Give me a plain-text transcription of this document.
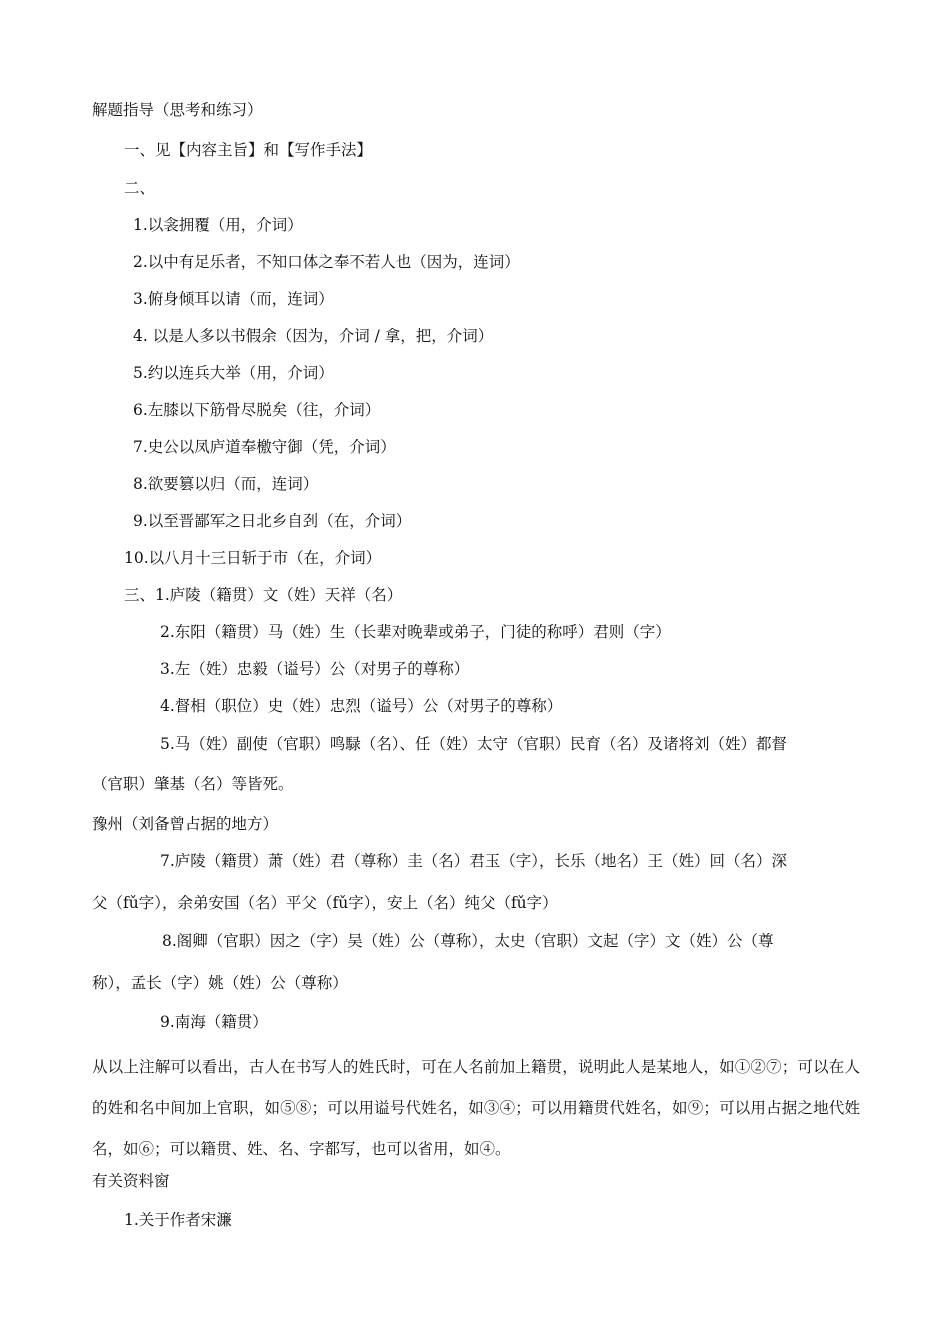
解题指导（思考和练习）
一、见【内容主旨】和【写作手法】
二、
1.以衾拥覆（用，介词）
2.以中有足乐者，不知口体之奉不若人也（因为，连词）
3.俯身倾耳以请（而，连词）
4. 以是人多以书假余（因为，介词 / 拿，把，介词）
5.约以连兵大举（用，介词）
6.左膝以下筋骨尽脱矣（往，介词）
7.史公以凤庐道奉檄守御（凭，介词）
8.欲要篡以归（而，连词）
9.以至晋鄙军之日北乡自刭（在，介词）
10.以八月十三日斩于市（在，介词）
三、1.庐陵（籍贯）文（姓）天祥（名）
2.东阳（籍贯）马（姓）生（长辈对晚辈或弟子，门徒的称呼）君则（字）
3.左（姓）忠毅（谥号）公（对男子的尊称）
4.督相（职位）史（姓）忠烈（谥号）公（对男子的尊称）
5.马（姓）副使（官职）鸣騄（名）、任（姓）太守（官职）民育（名）及诸将刘（姓）都督
（官职）肇基（名）等皆死。
豫州（刘备曾占据的地方）
7.庐陵（籍贯）萧（姓）君（尊称）圭（名）君玉（字），长乐（地名）王（姓）回（名）深
父（fǔ字），余弟安国（名）平父（fǔ字），安上（名）纯父（fǔ字）
8.阁卿（官职）因之（字）吴（姓）公（尊称），太史（官职）文起（字）文（姓）公（尊
称），孟长（字）姚（姓）公（尊称）
9.南海（籍贯）
从以上注解可以看出，古人在书写人的姓氏时，可在人名前加上籍贯，说明此人是某地人，如①②⑦；可以在人的姓和名中间加上官职，如⑤⑧；可以用谥号代姓名，如③④；可以用籍贯代姓名，如⑨；可以用占据之地代姓名，如⑥；可以籍贯、姓、名、字都写，也可以省用，如④。
有关资料窗
1.关于作者宋濂
